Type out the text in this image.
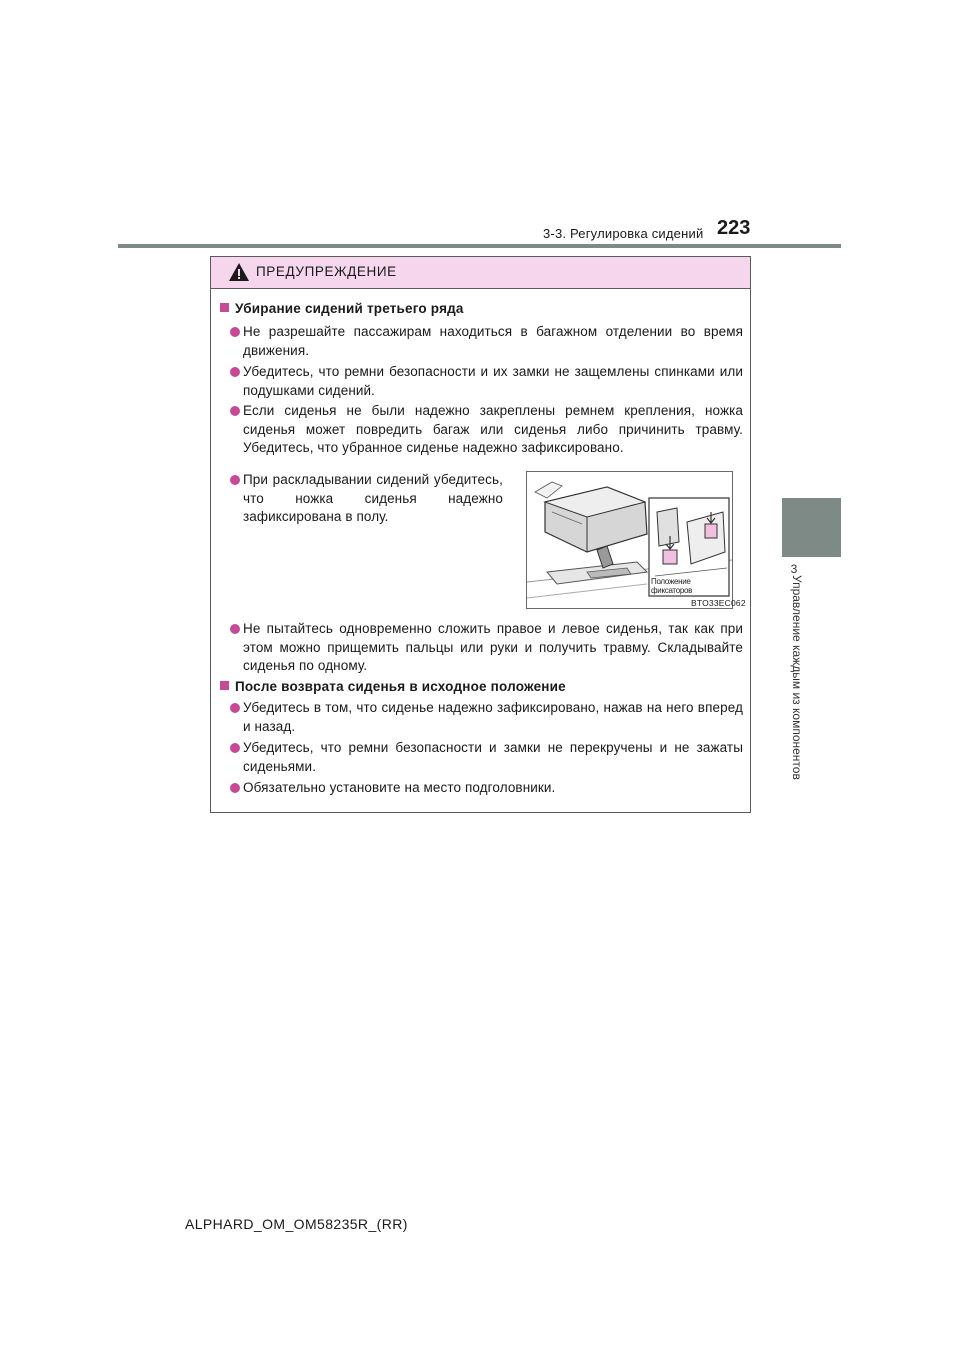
3-3. Регулировка сидений 223
3
Управление каждым из компонентов
ПРЕДУПРЕЖДЕНИЕ
Убирание сидений третьего ряда
Не разрешайте пассажирам находиться в багажном отделении во время движения.
Убедитесь, что ремни безопасности и их замки не защемлены спинками или подушками сидений.
Если сиденья не были надежно закреплены ремнем крепления, ножка сиденья может повредить багаж или сиденья либо причинить травму. Убедитесь, что убранное сиденье надежно зафиксировано.
При раскладывании сидений убедитесь, что ножка сиденья надежно зафиксирована в полу.
Положение фиксаторов
BTO33EC062
Не пытайтесь одновременно сложить правое и левое сиденья, так как при этом можно прищемить пальцы или руки и получить травму. Складывайте сиденья по одному.
После возврата сиденья в исходное положение
Убедитесь в том, что сиденье надежно зафиксировано, нажав на него вперед и назад.
Убедитесь, что ремни безопасности и замки не перекручены и не зажаты сиденьями.
Обязательно установите на место подголовники.
ALPHARD_OM_OM58235R_(RR)
